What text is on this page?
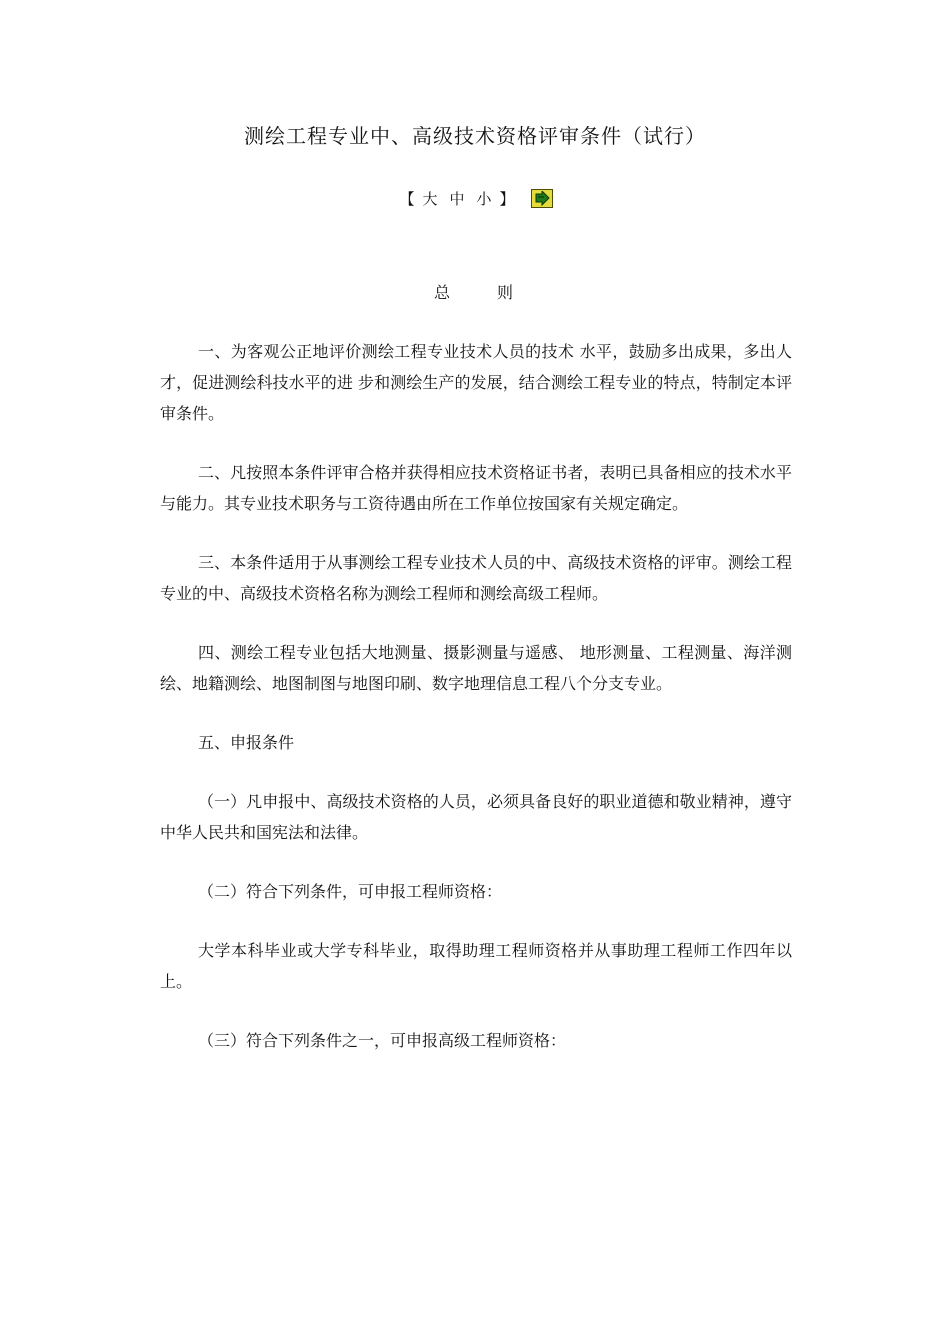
测绘工程专业中、高级技术资格评审条件（试行）
【 大 中 小 】
总	则

一、为客观公正地评价测绘工程专业技术人员的技术 水平，鼓励多出成果，多出人才，促进测绘科技水平的进 步和测绘生产的发展，结合测绘工程专业的特点，特制定本评审条件。

二、凡按照本条件评审合格并获得相应技术资格证书者，表明已具备相应的技术水平与能力。其专业技术职务与工资待遇由所在工作单位按国家有关规定确定。

三、本条件适用于从事测绘工程专业技术人员的中、高级技术资格的评审。测绘工程专业的中、高级技术资格名称为测绘工程师和测绘高级工程师。

四、测绘工程专业包括大地测量、摄影测量与遥感、 地形测量、工程测量、海洋测绘、地籍测绘、地图制图与地图印刷、数字地理信息工程八个分支专业。

五、申报条件

（一）凡申报中、高级技术资格的人员，必须具备良好的职业道德和敬业精神，遵守中华人民共和国宪法和法律。

（二）符合下列条件，可申报工程师资格：

大学本科毕业或大学专科毕业，取得助理工程师资格并从事助理工程师工作四年以上。

（三）符合下列条件之一，可申报高级工程师资格：
